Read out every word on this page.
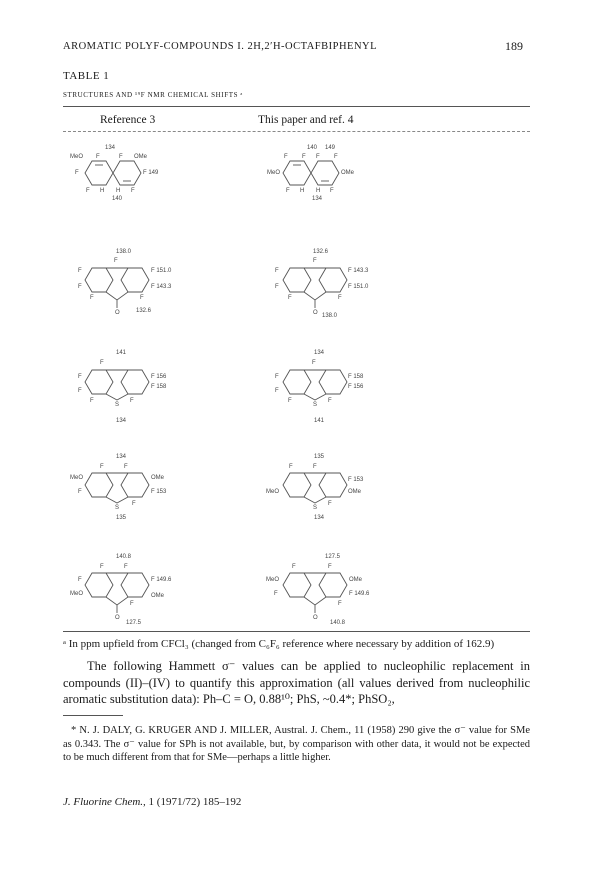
AROMATIC POLYF-COMPOUNDS I. 2H,2′H-OCTAFBIPHENYL	189
TABLE 1
STRUCTURES AND ¹⁹F NMR CHEMICAL SHIFTS ᵃ
Reference 3	This paper and ref. 4
134
MeO F	F OMe
F	F 149
F H H F
140
140 149
F F F F
MeO	OMe
F H H F
134
138.0
F
F
F
F 151.0
F 143.3
F	F
O	132.6
132.6
F
F
F
F 143.3
F 151.0
F	F
O 138.0
141
F
F
F
F 156
F 158
F
S
F
134
134
F
F
F
F 158
F 156
F
S
F
141
134
F	F
MeO	OMe
F	F 153
S
F
135
135
F	F
F 153
MeO	OMe
S
F
134
140.8
F	F
F	F 149.6
MeO	OMe
F
O
127.5
127.5
F	F
MeO	OMe
F 149.6
F
F
O
140.8
ᵃ In ppm upfield from CFCl₃ (changed from C₆F₆ reference where necessary by addition of 162.9)

The following Hammett σ⁻ values can be applied to nucleophilic replacement in compounds (II)–(IV) to quantify this approximation (all values derived from nucleophilic aromatic substitution data): Ph–C = O, 0.88¹⁰; PhS, ~0.4*; PhSO₂,

* N. J. DALY, G. KRUGER AND J. MILLER, Austral. J. Chem., 11 (1958) 290 give the σ⁻ value for SMe as 0.343. The σ⁻ value for SPh is not available, but, by comparison with other data, it would not be expected to be much different from that for SMe—perhaps a little higher.

J. Fluorine Chem., 1 (1971/72) 185–192
